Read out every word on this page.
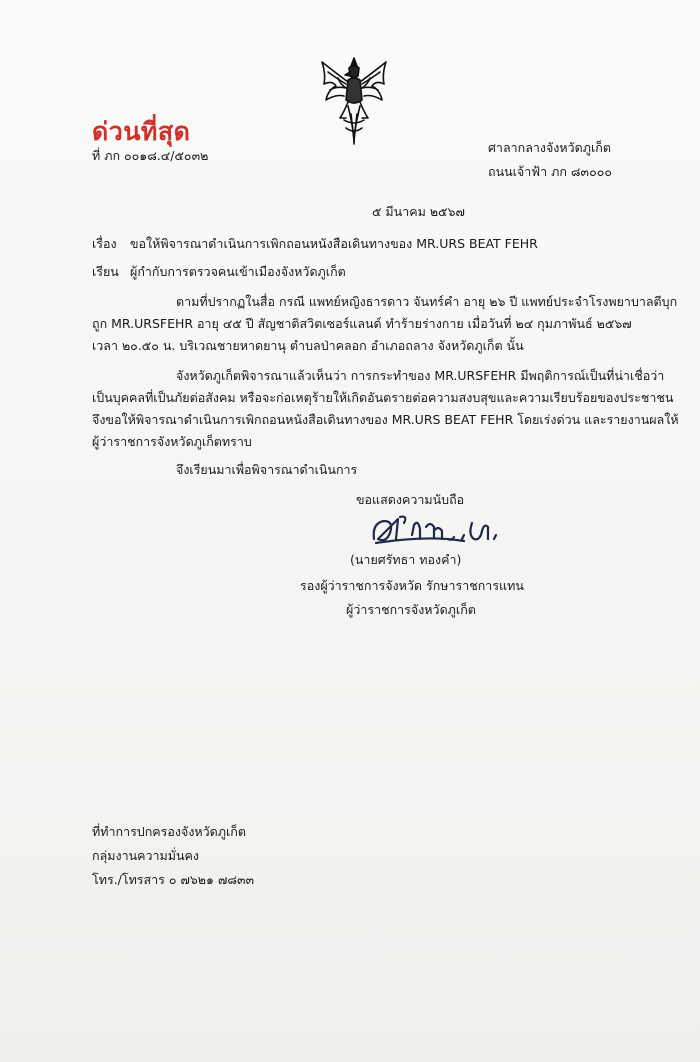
ด่วนที่สุด
ที่ ภก ๐๐๑๘.๔/๕๐๓๒
ศาลากลางจังหวัดภูเก็ต
ถนนเจ้าฟ้า ภก ๘๓๐๐๐
๕ มีนาคม ๒๕๖๗
เรื่อง ขอให้พิจารณาดำเนินการเพิกถอนหนังสือเดินทางของ MR.URS BEAT FEHR
เรียน ผู้กำกับการตรวจคนเข้าเมืองจังหวัดภูเก็ต
ตามที่ปรากฏในสื่อ กรณี แพทย์หญิงธารดาว จันทร์คำ อายุ ๒๖ ปี แพทย์ประจำโรงพยาบาลตีบุก
ถูก MR.URSFEHR อายุ ๔๕ ปี สัญชาติสวิตเซอร์แลนด์ ทำร้ายร่างกาย เมื่อวันที่ ๒๔ กุมภาพันธ์ ๒๕๖๗
เวลา ๒๐.๕๐ น. บริเวณชายหาดยานุ ตำบลป่าคลอก อำเภอถลาง จังหวัดภูเก็ต นั้น
จังหวัดภูเก็ตพิจารณาแล้วเห็นว่า การกระทำของ MR.URSFEHR มีพฤติการณ์เป็นที่น่าเชื่อว่า
เป็นบุคคลที่เป็นภัยต่อสังคม หรือจะก่อเหตุร้ายให้เกิดอันตรายต่อความสงบสุขและความเรียบร้อยของประชาชน
จึงขอให้พิจารณาดำเนินการเพิกถอนหนังสือเดินทางของ MR.URS BEAT FEHR โดยเร่งด่วน และรายงานผลให้
ผู้ว่าราชการจังหวัดภูเก็ตทราบ
จึงเรียนมาเพื่อพิจารณาดำเนินการ
ขอแสดงความนับถือ
(นายศรัทธา ทองคำ)
รองผู้ว่าราชการจังหวัด รักษาราชการแทน
ผู้ว่าราชการจังหวัดภูเก็ต
ที่ทำการปกครองจังหวัดภูเก็ต
กลุ่มงานความมั่นคง
โทร./โทรสาร ๐ ๗๖๒๑ ๗๘๓๓
